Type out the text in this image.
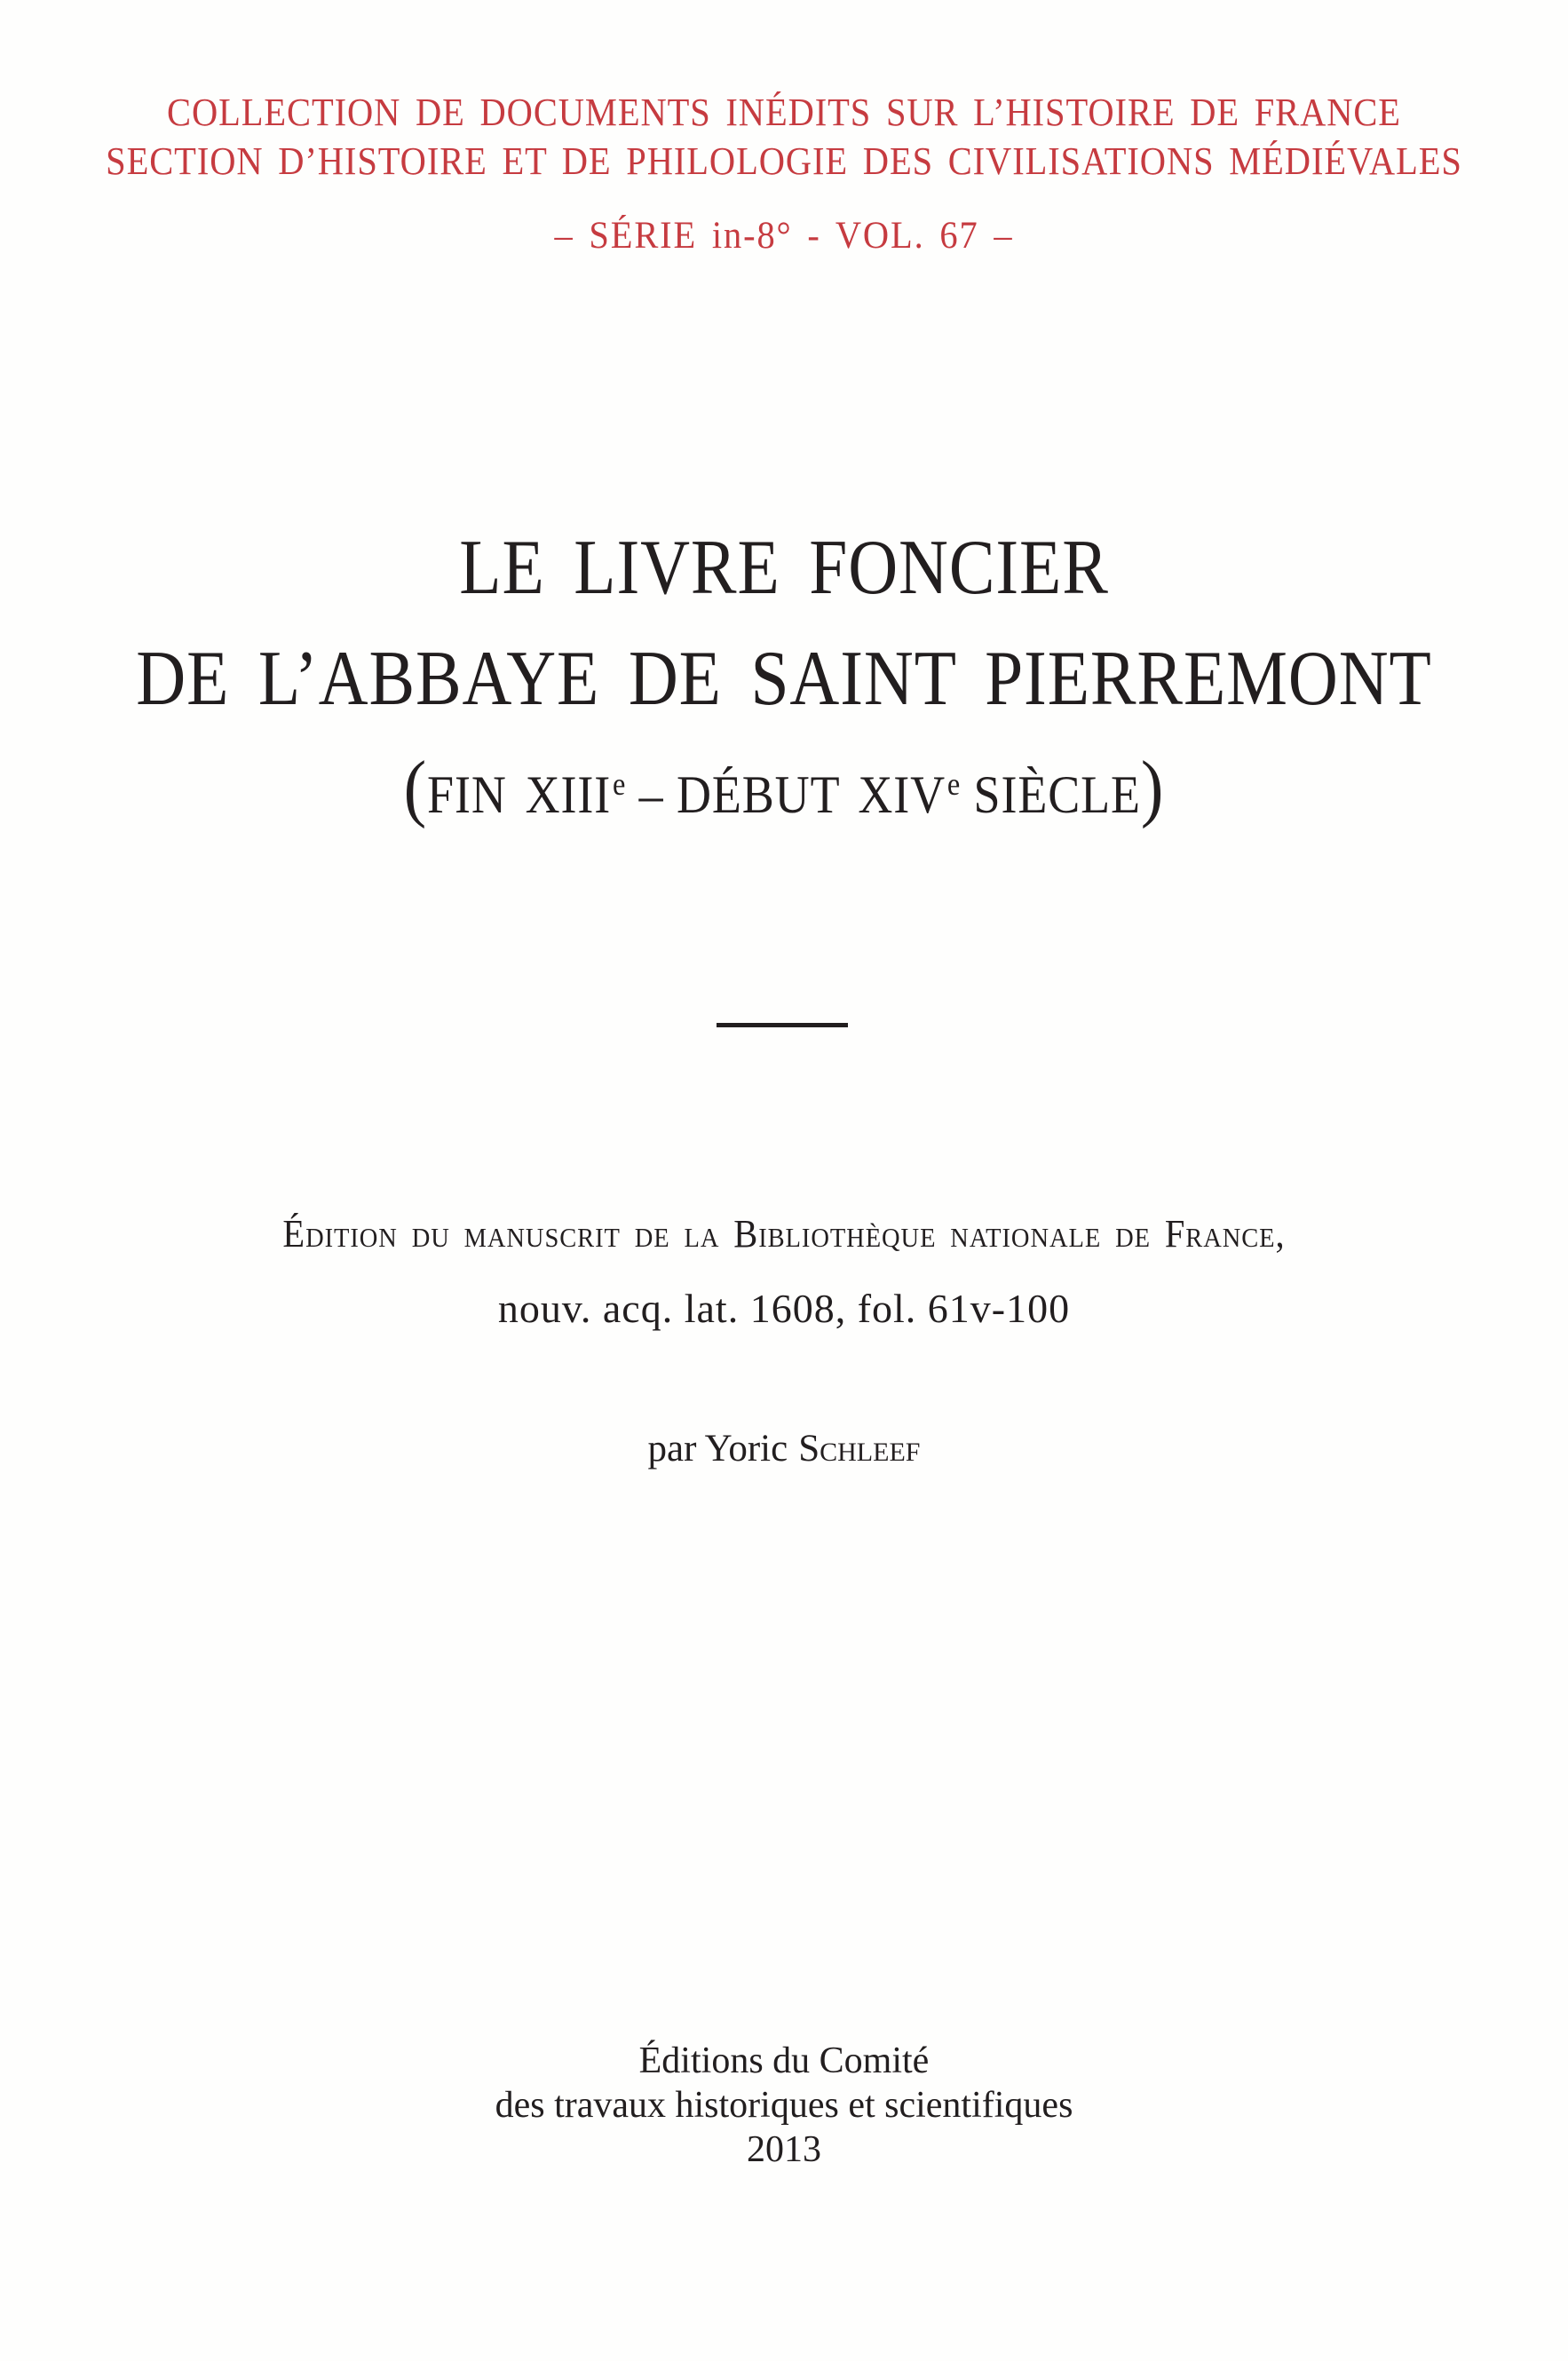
COLLECTION DE DOCUMENTS INÉDITS SUR L’HISTOIRE DE FRANCE
SECTION D’HISTOIRE ET DE PHILOLOGIE DES CIVILISATIONS MÉDIÉVALES
– SÉRIE in-8° - VOL. 67 –
LE LIVRE FONCIER
DE L’ABBAYE DE SAINT PIERREMONT
(FIN XIIIe – DÉBUT XIVe SIÈCLE)
Édition du manuscrit de la Bibliothèque nationale de France,
nouv. acq. lat. 1608, fol. 61v-100
par Yoric Schleef
Éditions du Comité
des travaux historiques et scientifiques
2013
